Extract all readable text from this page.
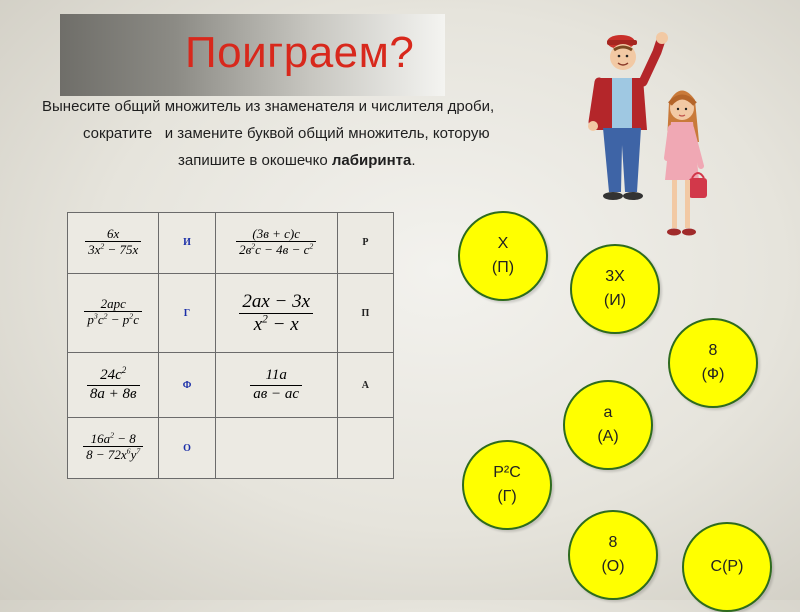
Поиграем?
Вынесите общий множитель из знаменателя и числителя дроби,
сократите   и замените буквой общий множитель, которую
запишите в окошечко лабиринта.
$\frac{6x}{3x^2 - 75x}$	И	$\frac{(3в + c)c}{2в^2c - 4в - c^2}$	Р

$\frac{\text{2apc}}{p^3c^2 - p^2c}$	Г	$\frac{2ax - 3x}{x^2 - x}$	П

$\frac{24c^2}{8a + 8в}$	Ф	$\frac{11a}{ав - ас}$	А

$\frac{16a^2 - 8}{8 - 72x^6y^7}$	О		
X
(П)
3X
(И)
8
(Ф)
a
(А)
P²C
(Г)
8
(О)	C(P)
